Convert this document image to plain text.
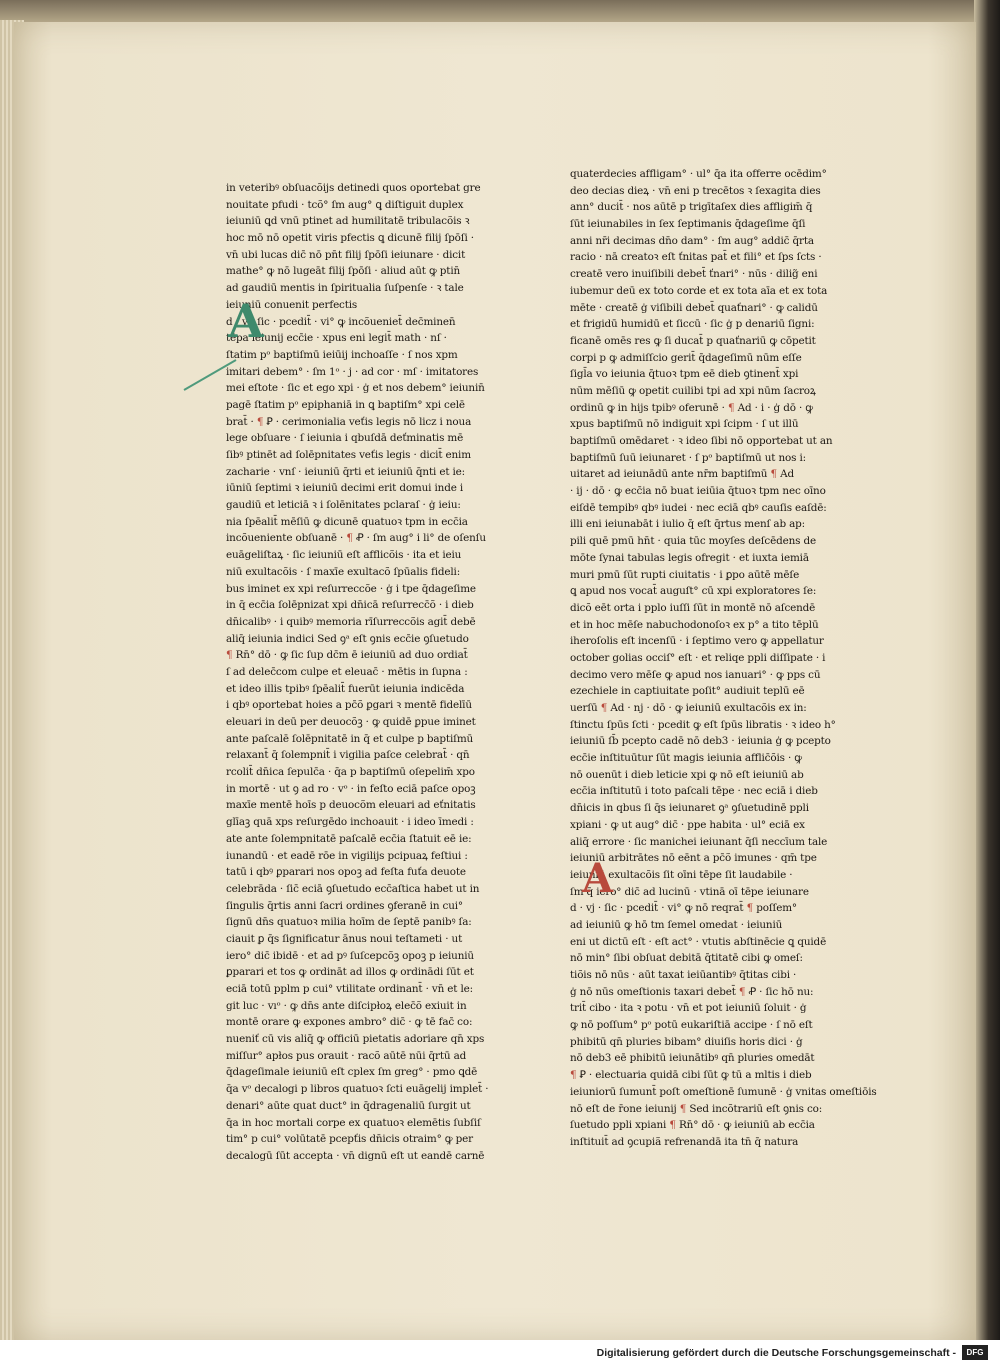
in veteribꝰ obſuacõijs detinedi quos oportebat gre
nouitate pfudi · tcõ° ſm aug° ꝗ diſtiguit duplex
ieiuniū ꝗd vnū ptinet ad humilitatē tribulacõis ꝛ
hoc mō nō opetit viris pfectis ꝗ dicunē filij ſpōſi ·
vn̄ ubi lucas dic̄ nō pn̄t filij ſpōſi ieiunare · dicit
mathe° ꝙ nō lugeāt filij ſpōſi · aliud aūt ꝙ ptin̄
ad gaudiū mentis in ſpiritualia ſuſpenſe · ꝛ tale
ieiuniū conuenit perfectis
d · v · ſic · pcedit̄ · vi° ꝙ incõueniet̄ dec̄minen̄
tēpa ieiunij ecc̄ie · xpus eni legit̄ math · nſ ·
ſtatim pᵒ baptiſmū ieiūij inchoaſſe · ſ nos xpm
imitari debem° · ſm 1ᵒ · j · ad cor · mſ · imitatores
mei eſtote · ſic et ego xpi · ġ et nos debem° ieiunin̄
pagē ſtatim pᵒ epiphaniā in ꝗ baptiſm° xpi celē
brat̄ · ¶ Ꝑ · cerimonialia veťis legis nō licz i noua
lege obſuare · ſ ieiunia i qbuſdā deťminatis mē
ſibꝰ ptinēt ad ſolēpnitates veťis legis · dicit̄ enim
zacharie · vnſ · ieiuniū q̄rti et ieiuniū q̄nti et ie:
iūniū ſeptimi ꝛ ieiuniū decimi erit domui inde i
gaudiū et leticiā ꝛ i ſolēnitates pclaraſ · ġ ieiu:
nia ſpēalit̄ mēſiū ꝙ dicunē quatuoꝛ tpm in ecc̄ia
incõueniente obſuanē · ¶ Ꝓ · ſm aug° i li° de oſenſu
euāgeliſtaꝝ · ſic ieiuniū eſt afflicõis · ita et ieiu
niū exultacõis · ſ maxīe exultacõ ſpūalis fideli:
bus iminet ex xpi reſurreccõe · ġ i tpe q̄dageſime
in q̄ ecc̄ia ſolēpnizat xpi dn̄icā reſurrecc̄õ · i dieb
dn̄icalibꝰ · i quibꝰ memoria rīſurreccõis agit̄ debē
aliq̄ ieiunia indici Sed ꝯᵃ eſt ꝯnis ecc̄ie ꝯſuetudo
¶ Rn̄° dō · ꝙ ſic ſup dc̄m ē ieiuniū ad duo ordiat̄
ſ ad delec̄com culpe et eleuac̄ · mētis in ſupna :
et ideo illis tpibꝰ ſpēalit̄ fuerūt ieiunia indicēda
i qbꝰ oportebat hoies a pc̄õ ꝑgari ꝛ mentē fidelīū
eleuari in deū per deuocõꝫ · ꝙ quidē ꝑpue iminet
ante paſcalē ſolēpnitatē in q̄ et culpe p baptiſmū
relaxant̄ q̄ ſolempnit̄ i vigilia paſce celebrat̄ · qn̄
rcolit̄ dn̄ica ſepulc̄a · q̄a p baptiſmū oſepelim̄ xpo
in mortē · ut ꝯ ad ro · vᵒ · in feſto eciā paſce opoꝫ
maxīe mentē hoīs p deuocõm eleuari ad eťnitatis
glīaꝫ quā xps reſurgēdo inchoauit · i ideo īmedi :
ate ante ſolempnitatē paſcalē ecc̄ia ſtatuit eē ie:
iunandū · et eadē rōe in vigilijs pcipuaꝝ feſtiui :
tatū i qbꝰ ꝑparari nos opoꝫ ad feſta fuťa deuote
celebrāda · ſic̄ eciā ꝯſuetudo ecc̄aſtica habet ut in
ſingulis q̄rtis anni ſacri ordines ꝯferanē in cui°
ſignū dn̄s quatuoꝛ milia hoīm de ſeptē panibꝰ ſa:
ciauit ꝑ q̄s ſignificatur ānus noui teſtameti · ut
iero° dic̄ ibidē · et ad pꝰ ſuſcepcõꝫ opoꝫ p ieiuniū
ꝑparari et tos ꝙ ordināt ad illos ꝙ ordinādi ſūt et
eciā totū pplm p cui° vtilitate ordinant̄ · vn̄ et le:
git luc · vıᵒ · ꝙ dn̄s ante diſcipłoꝝ elec̄õ exiuit in
montē orare ꝙ expones ambro° dic̄ · ꝙ tē fac̄ co:
nueniť cū vis aliq̄ ꝙ officiū pietatis adoriare qn̄ xps
miſſur° apłos pus orauit · racõ aūtē nūi q̄rtū ad
q̄dageſimale ieiuniū eſt cplex ſm greg° · pmo ꝗdē
q̄a vᵒ decalogi p libros quatuoꝛ ſcti euāgelij implet̄ ·
denari° aūte quat duct° in q̄dragenaliū ſurgit ut
q̄a in hoc mortali corpe ex quatuoꝛ elemētis ſubſiſ
tim° p cui° volūtatē pcepťis dn̄icis otraim° ꝙ per
decalogū ſūt accepta · vn̄ dignū eſt ut eandē carnē
quaterdecies affligam° · ul° q̄a ita offerre ocēdim°
deo decias dieꝝ · vn̄ eni p trecētos ꝛ ſexagita dies
ann° ducit̄ · nos aūtē p trigītaſex dies affligim̄ q̄
ſūt ieiunabiles in ſex ſeptimanis q̄dageſime q̄ſi
anni nr̄i decimas dn̄o dam° · ſm aug° addic̄ q̄rta
racio · nā creatoꝛ eſt ťnitas pat̄ et fili° et ſps ſcts ·
creatē vero inuiſibili debet̄ ťnari° · nūs · dilig̃ eni
iubemur deū ex toto corde et ex tota aīa et ex tota
mēte · creatē ġ viſibili debet̄ quaťnari° · ꝙ calidū
et frigidū humidū et ſiccū · ſic ġ p denariū ſigni:
ficanē omēs res ꝙ ſi ducat̄ p quaťnariū ꝙ cōpetit
corpi p ꝙ admiſſcio gerit̄ q̄dageſimū nūm eſſe
ſigl̄a vo ieiunia q̄tuoꝛ tpm eē dieb ꝯtinent̄ xpi
nūm mēſiū ꝙ opetit cuilibi tpi ad xpi nūm ſacroꝝ
ordinū ꝙ in hijs tpibꝰ oferunē · ¶ Ad · i · ġ dō · ꝙ
xpus baptiſmū nō indiguit xpi ſcipm · ſ ut illū
baptiſmū omēdaret · ꝛ ideo ſibi nō opportebat ut an
baptiſmū ſuū ieiunaret · ſ pᵒ baptiſmū ut nos i:
uitaret ad ieiunādū ante nr̄m baptiſmū ¶ Ad
· ij · dō · ꝙ ecc̄ia nō buat ieiūia q̄tuoꝛ tpm nec oīno
eiſdē tempibꝰ qbꝰ iudei · nec eciā qbꝰ cauſis eaſdē:
illi eni ieiunabāt i iulio q̄ eſt q̄rtus menſ ab ap:
pili quē pmū hn̄t · quia tūc moyſes deſcēdens de
mōte ſynai tabulas legis ofregit · et iuxta iemiā
muri pmū ſūt rupti ciuitatis · i ꝑpo aūtē mēſe
ꝗ apud nos vocat̄ auguſt° cū xpi exploratores ſe:
dicõ eēt orta i pplo iuſſi ſūt in montē nō aſcendē
et in hoc mēſe nabuchodonoſoꝛ ex p° a tito tēplū
iheroſolis eſt incenſū · i ſeptimo vero ꝙ appellatur
october golias occiſ° eſt · et reliqe ppli diſſipate · i
decimo vero mēſe ꝙ apud nos ianuari° · ꝙ pps cū
ezechiele in captiuitate poſit° audiuit teplū eē
uerſū ¶ Ad · nj · dō · ꝙ ieiuniū exultacõis ex in:
ſtinctu ſpūs ſcti · pcedit ꝙ eſt ſpūs libratis · ꝛ ideo h°
ieiuniū ſb̄ pcepto cadē nō deb3 · ieiunia ġ ꝙ pcepto
ecc̄ie inſtituūtur ſūt magis ieiunia afflic̄õis · ꝙ
nō ouenūt i dieb leticie xpi ꝙ nō eſt ieiuniū ab
ecc̄ia inſtitutū i toto paſcali tēpe · nec eciā i dieb
dn̄icis in qbus ſi q̄s ieiunaret ꝯᵃ ꝯſuetudinē ppli
xpiani · ꝙ ut aug° dic̄ · ppe habita · ul° eciā ex
aliq̄ errore · ſic manichei ieiunant q̄ſi neccīum tale
ieiuniū arbitrātes nō eēnt a pc̄õ imunes · qm̄ tpe
ieiuniū exultacõis ſit oīni tēpe ſit laudabile ·
ſm q̄ iero° dic̄ ad lucinū · vtinā oī tēpe ieiunare
d · vj · ſic · pcedit̄ · vi° ꝙ nō reqrat̄ ¶ poſſem°
ad ieiuniū ꝙ hō tm ſemel omedat · ieiuniū
eni ut dictū eſt · eſt act° · vtutis abſtinēcie ꝗ quidē
nō min° ſibi obſuat debitā q̄titatē cibi ꝙ omeſ:
tiõis nō nūs · aūt taxat ieiūantibꝰ q̄titas cibi ·
ġ nō nūs omeſtionis taxari debet̄ ¶ Ꝓ · ſic hō nu:
trit̄ cibo · ita ꝛ potu · vn̄ et pot ieiuniū ſoluit · ġ
ꝙ nō poſſum° pᵒ potū eukariſtiā accipe · ſ nō eſt
phibitū qn̄ pluries bibam° diuiſis horis dici · ġ
nō deb3 eē phibitū ieiunātibꝰ qn̄ pluries omedāt
¶ Ꝑ · electuaria quidā cibi ſūt ꝙ tū a mltis i dieb
ieiuniorū ſumunt̄ poſt omeſtionē ſumunē · ġ vnitas omeſtiōis
nō eſt de r̄one ieiunij ¶ Sed incõtrariū eſt ꝯnis co:
ſuetudo ppli xpiani ¶ Rn̄° dō · ꝙ ieiuniū ab ecc̄ia
inſtituit̄ ad ꝯcupiã refrenandā ita tn̄ q̄ natura
A
A
Digitalisierung gefördert durch die Deutsche Forschungsgemeinschaft -	DFG
